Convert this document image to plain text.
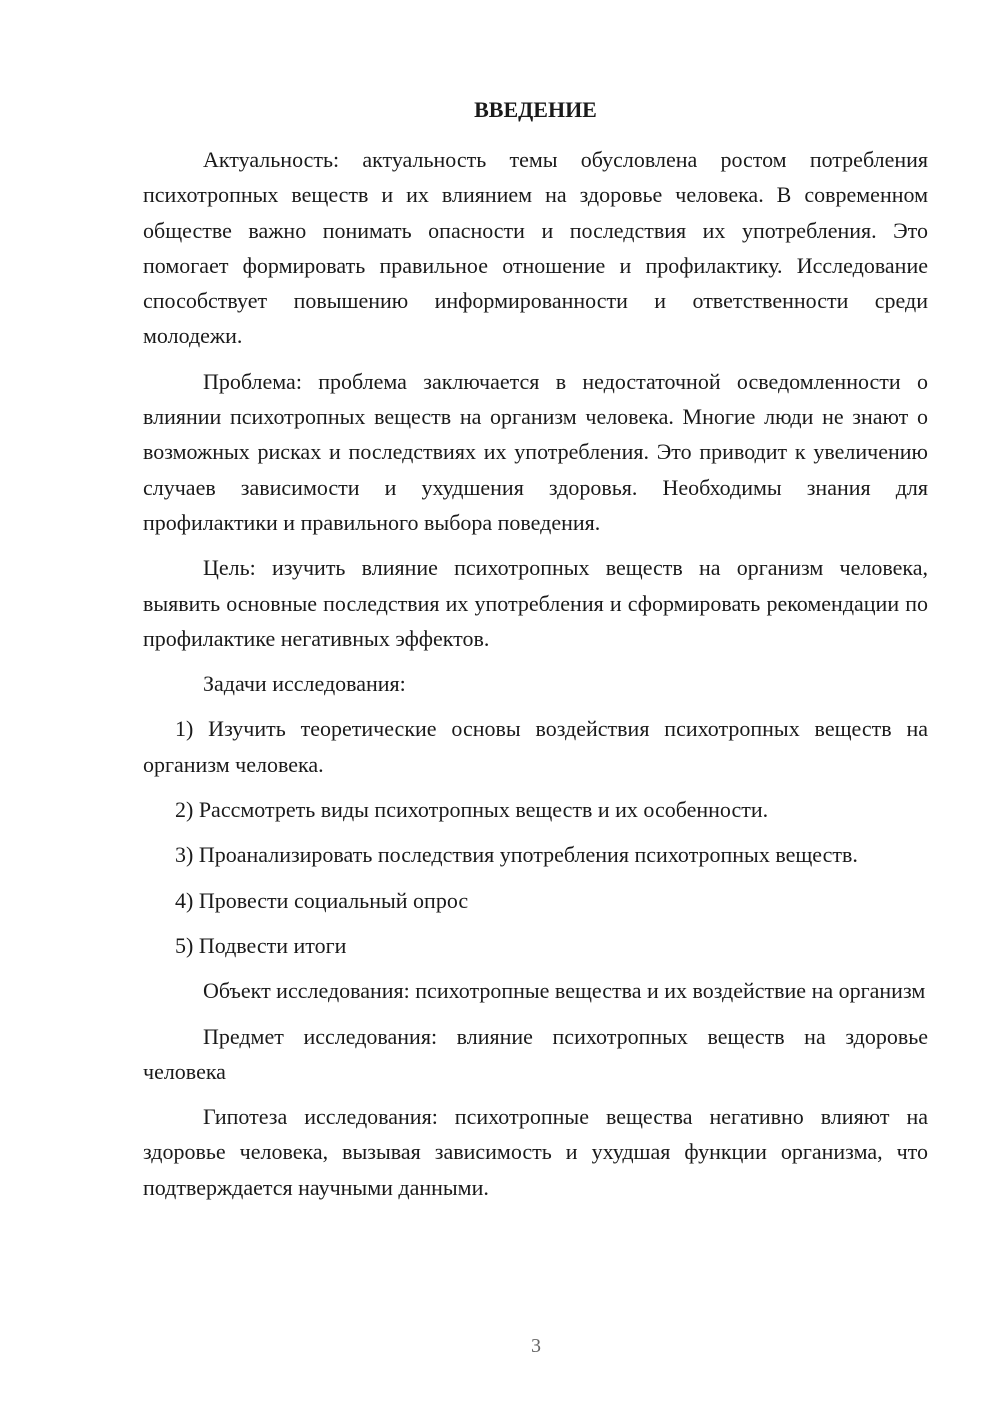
ВВЕДЕНИЕ

Актуальность: актуальность темы обусловлена ростом потребления психотропных веществ и их влиянием на здоровье человека. В современном обществе важно понимать опасности и последствия их употребления. Это помогает формировать правильное отношение и профилактику. Исследование способствует повышению информированности и ответственности среди молодежи.

Проблема: проблема заключается в недостаточной осведомленности о влиянии психотропных веществ на организм человека. Многие люди не знают о возможных рисках и последствиях их употребления. Это приводит к увеличению случаев зависимости и ухудшения здоровья. Необходимы знания для профилактики и правильного выбора поведения.

Цель: изучить влияние психотропных веществ на организм человека, выявить основные последствия их употребления и сформировать рекомендации по профилактике негативных эффектов.

Задачи исследования:

1) Изучить теоретические основы воздействия психотропных веществ на организм человека.

2) Рассмотреть виды психотропных веществ и их особенности.

3) Проанализировать последствия употребления психотропных веществ.

4) Провести социальный опрос

5) Подвести итоги

Объект исследования: психотропные вещества и их воздействие на организм

Предмет исследования: влияние психотропных веществ на здоровье человека

Гипотеза исследования: психотропные вещества негативно влияют на здоровье человека, вызывая зависимость и ухудшая функции организма, что подтверждается научными данными.

3
